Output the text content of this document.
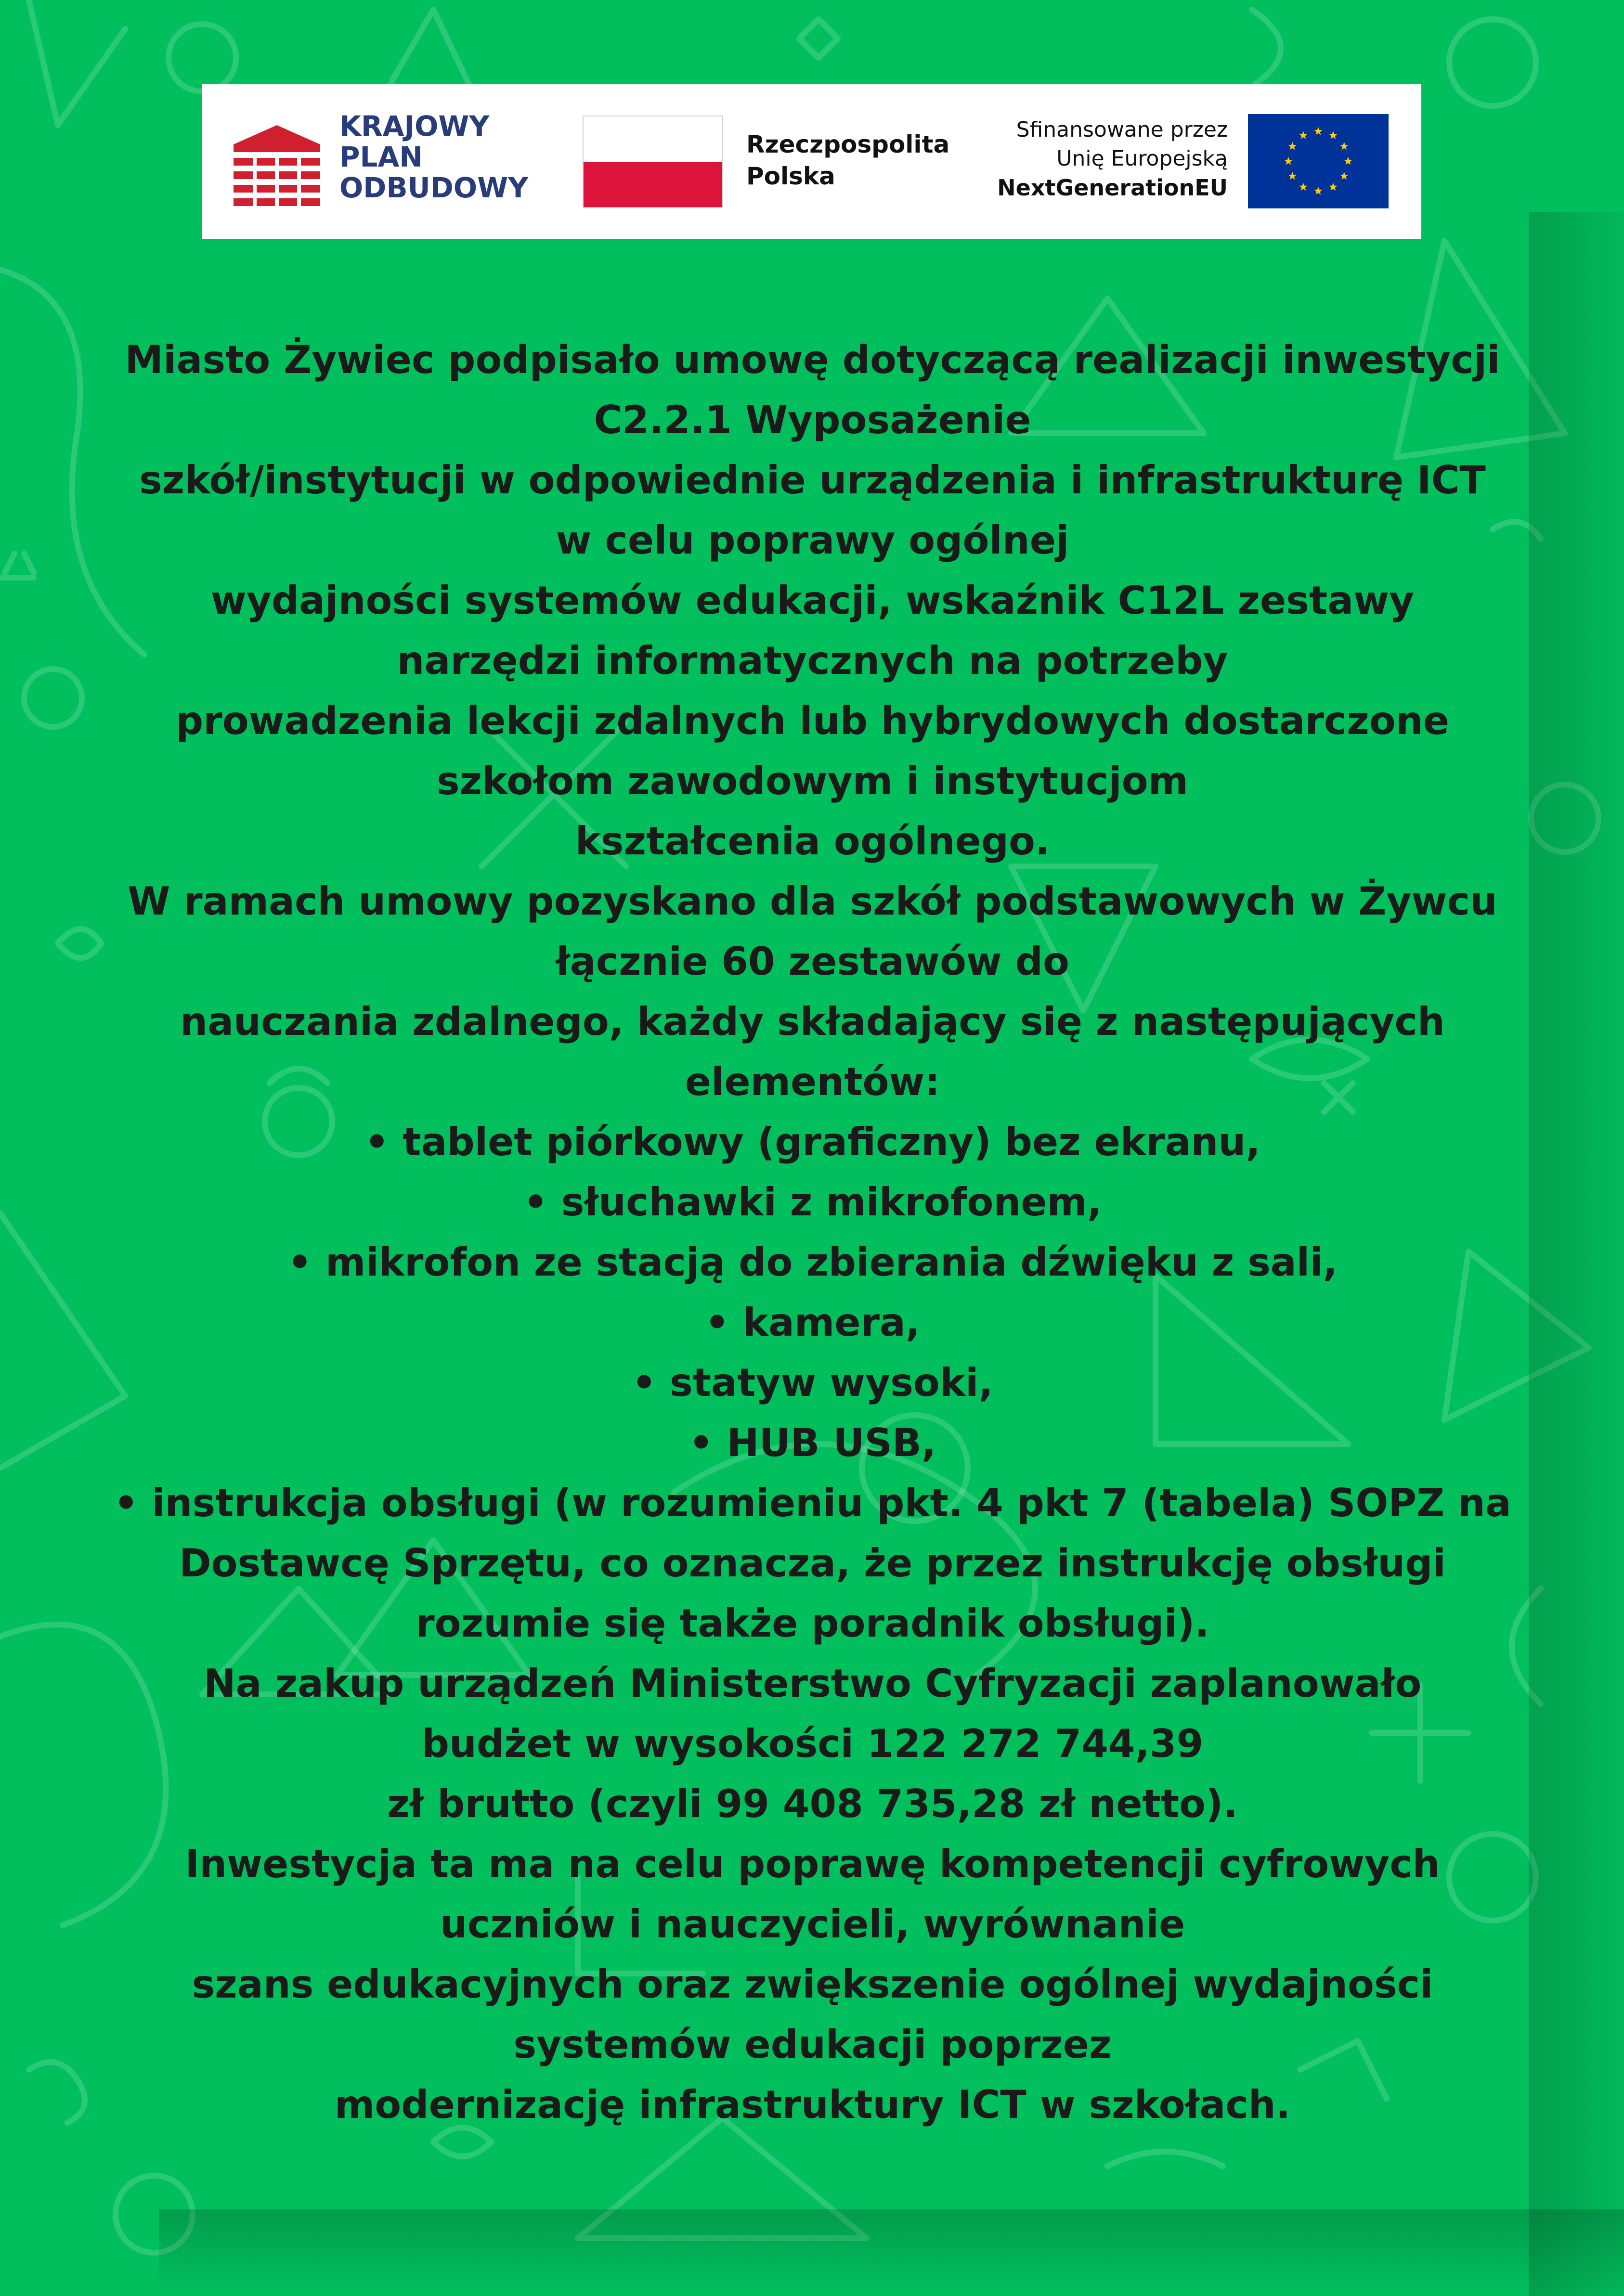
KRAJOWY
PLAN
ODBUDOWY
Rzeczpospolita
Polska
Sfinansowane przez
Unię Europejską
NextGenerationEU
Miasto Żywiec podpisało umowę dotyczącą realizacji inwestycji
C2.2.1 Wyposażenie
szkół/instytucji w odpowiednie urządzenia i infrastrukturę ICT
w celu poprawy ogólnej
wydajności systemów edukacji, wskaźnik C12L zestawy
narzędzi informatycznych na potrzeby
prowadzenia lekcji zdalnych lub hybrydowych dostarczone
szkołom zawodowym i instytucjom
kształcenia ogólnego.
W ramach umowy pozyskano dla szkół podstawowych w Żywcu
łącznie 60 zestawów do
nauczania zdalnego, każdy składający się z następujących
elementów:
• tablet piórkowy (graficzny) bez ekranu,
• słuchawki z mikrofonem,
• mikrofon ze stacją do zbierania dźwięku z sali,
• kamera,
• statyw wysoki,
• HUB USB,
• instrukcja obsługi (w rozumieniu pkt. 4 pkt 7 (tabela) SOPZ na
Dostawcę Sprzętu, co oznacza, że przez instrukcję obsługi
rozumie się także poradnik obsługi).
Na zakup urządzeń Ministerstwo Cyfryzacji zaplanowało
budżet w wysokości 122 272 744,39
zł brutto (czyli 99 408 735,28 zł netto).
Inwestycja ta ma na celu poprawę kompetencji cyfrowych
uczniów i nauczycieli, wyrównanie
szans edukacyjnych oraz zwiększenie ogólnej wydajności
systemów edukacji poprzez
modernizację infrastruktury ICT w szkołach.
